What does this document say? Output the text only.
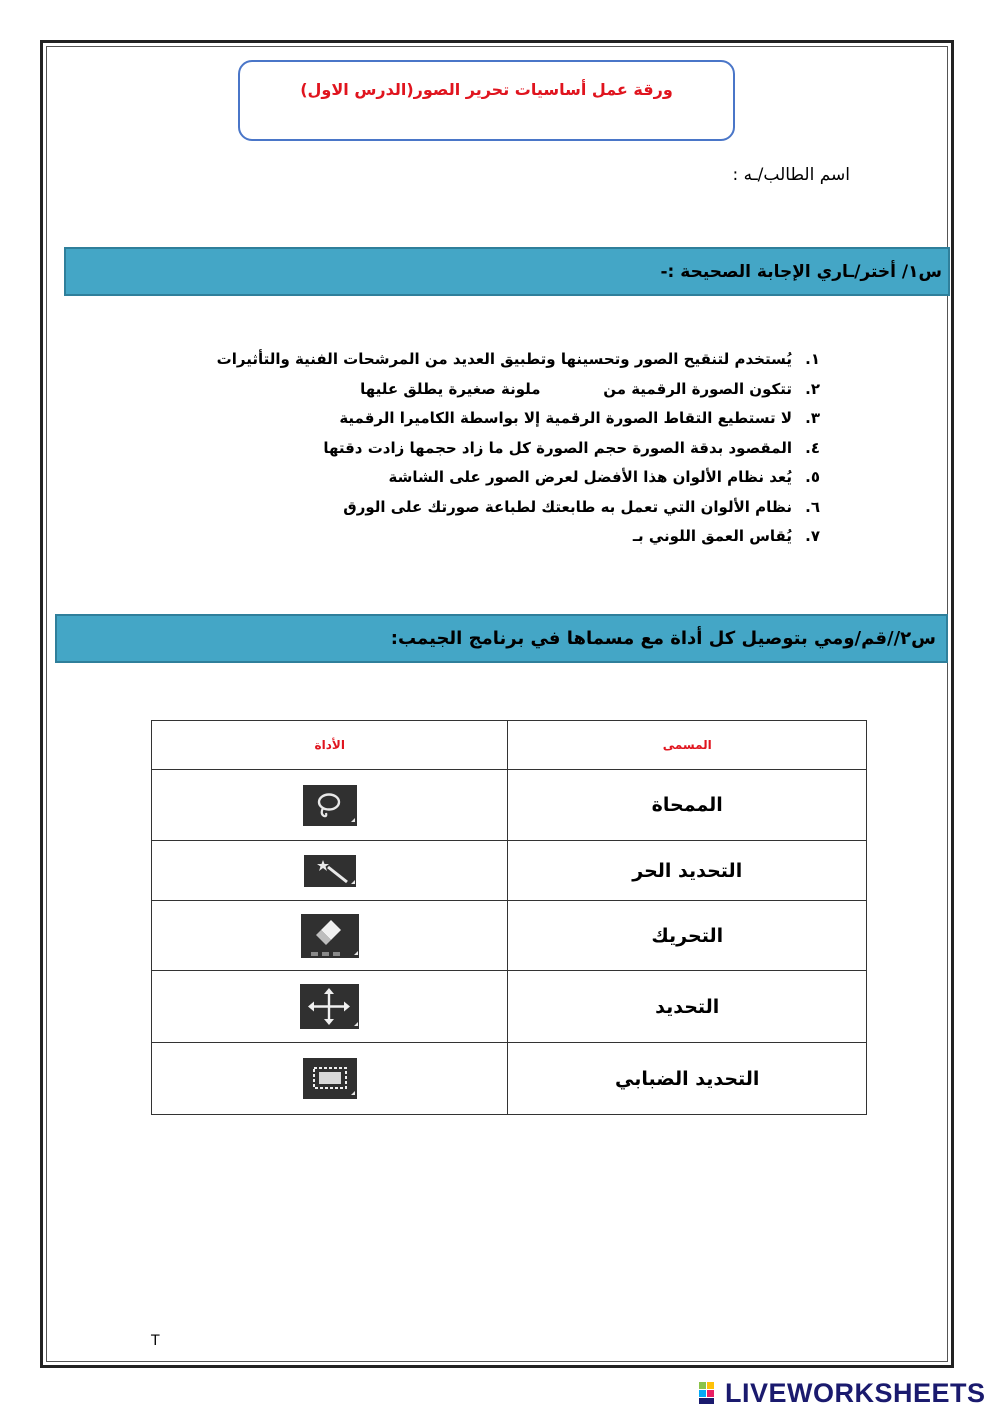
ورقة عمل أساسيات تحرير الصور(الدرس الاول)
اسم الطالب/ـه :
س١/ أختر/ـاري الإجابة الصحيحة :-
١.يُستخدم لتنقيح الصور وتحسينها وتطبيق العديد من المرشحات الفنية والتأثيرات
٢.تتكون الصورة الرقمية من            ملونة صغيرة يطلق عليها
٣.لا تستطيع التقاط الصورة الرقمية إلا بواسطة الكاميرا الرقمية
٤.المقصود بدقة الصورة حجم الصورة كل ما زاد حجمها زادت دقتها
٥.يُعد نظام الألوان هذا الأفضل لعرض الصور على الشاشة
٦.نظام الألوان التي تعمل به طابعتك لطباعة صورتك على الورق
٧.يُقاس العمق اللوني بـ
س٢//قم/ومي بتوصيل كل أداة مع مسماها في برنامج الجيمب:
الأداة	المسمى
	الممحاة
	التحديد الحر
	التحريك
	التحديد
	التحديد الضبابي
T
LIVEWORKSHEETS
